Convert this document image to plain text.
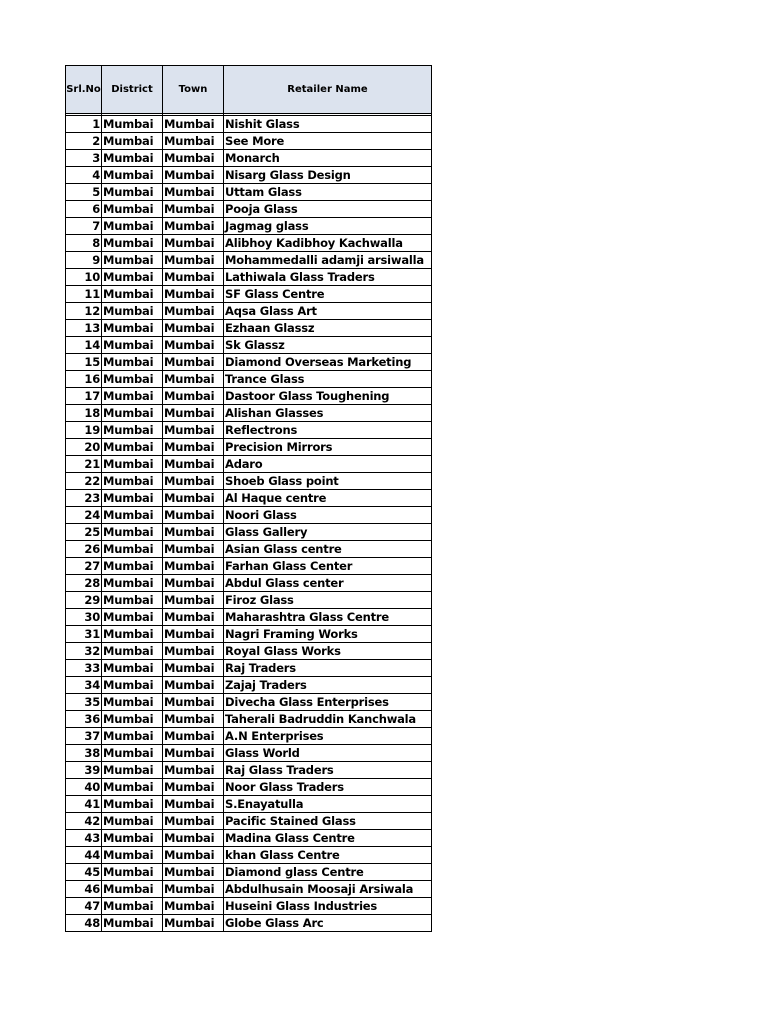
Srl.No	District	Town	Retailer Name

1	Mumbai	Mumbai	Nishit Glass
2	Mumbai	Mumbai	See More
3	Mumbai	Mumbai	Monarch
4	Mumbai	Mumbai	Nisarg Glass Design
5	Mumbai	Mumbai	Uttam Glass
6	Mumbai	Mumbai	Pooja Glass
7	Mumbai	Mumbai	Jagmag glass
8	Mumbai	Mumbai	Alibhoy Kadibhoy Kachwalla
9	Mumbai	Mumbai	Mohammedalli adamji arsiwalla
10	Mumbai	Mumbai	Lathiwala Glass Traders
11	Mumbai	Mumbai	SF Glass Centre
12	Mumbai	Mumbai	Aqsa Glass Art
13	Mumbai	Mumbai	Ezhaan Glassz
14	Mumbai	Mumbai	Sk Glassz
15	Mumbai	Mumbai	Diamond Overseas Marketing
16	Mumbai	Mumbai	Trance Glass
17	Mumbai	Mumbai	Dastoor Glass Toughening
18	Mumbai	Mumbai	Alishan Glasses
19	Mumbai	Mumbai	Reflectrons
20	Mumbai	Mumbai	Precision Mirrors
21	Mumbai	Mumbai	Adaro
22	Mumbai	Mumbai	Shoeb Glass point
23	Mumbai	Mumbai	Al Haque centre
24	Mumbai	Mumbai	Noori Glass
25	Mumbai	Mumbai	Glass Gallery
26	Mumbai	Mumbai	Asian Glass centre
27	Mumbai	Mumbai	Farhan Glass Center
28	Mumbai	Mumbai	Abdul Glass center
29	Mumbai	Mumbai	Firoz Glass
30	Mumbai	Mumbai	Maharashtra Glass Centre
31	Mumbai	Mumbai	Nagri Framing Works
32	Mumbai	Mumbai	Royal Glass Works
33	Mumbai	Mumbai	Raj Traders
34	Mumbai	Mumbai	Zajaj Traders
35	Mumbai	Mumbai	Divecha Glass Enterprises
36	Mumbai	Mumbai	Taherali Badruddin Kanchwala
37	Mumbai	Mumbai	A.N Enterprises
38	Mumbai	Mumbai	Glass World
39	Mumbai	Mumbai	Raj Glass Traders
40	Mumbai	Mumbai	Noor Glass Traders
41	Mumbai	Mumbai	S.Enayatulla
42	Mumbai	Mumbai	Pacific Stained Glass
43	Mumbai	Mumbai	Madina Glass Centre
44	Mumbai	Mumbai	khan Glass Centre
45	Mumbai	Mumbai	Diamond glass Centre
46	Mumbai	Mumbai	Abdulhusain Moosaji Arsiwala
47	Mumbai	Mumbai	Huseini Glass Industries
48	Mumbai	Mumbai	Globe Glass Arc
